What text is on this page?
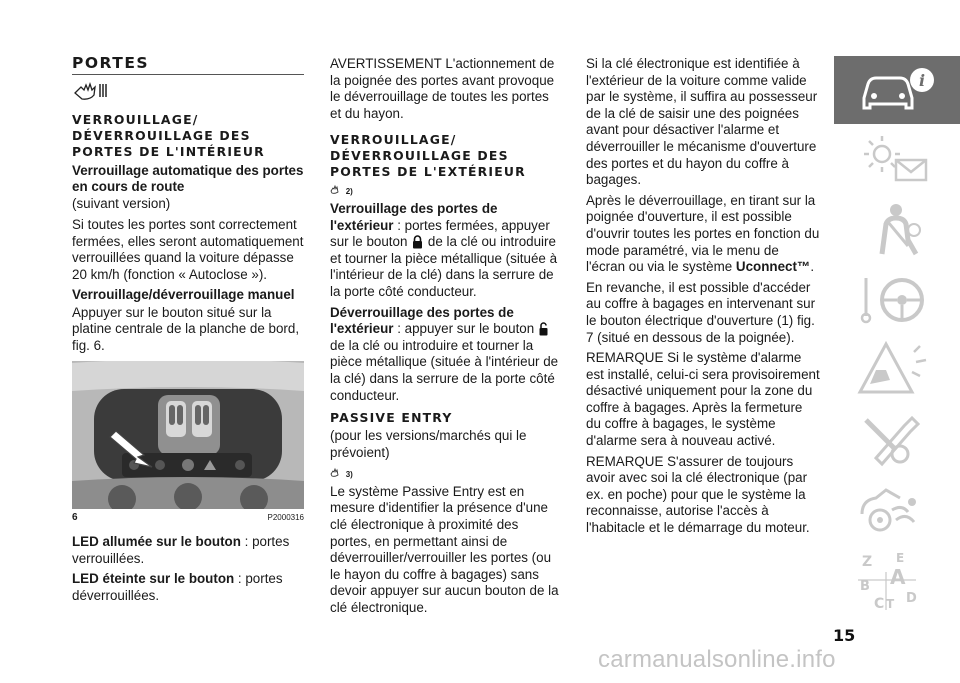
PORTES
VERROUILLAGE/ DÉVERROUILLAGE DES PORTES DE L'INTÉRIEUR
Verrouillage automatique des portes en cours de route

(suivant version)

Si toutes les portes sont correctement fermées, elles seront automatiquement verrouillées quand la voiture dépasse 20 km/h (fonction « Autoclose »).

Verrouillage/déverrouillage manuel

Appuyer sur le bouton situé sur la platine centrale de la planche de bord, fig. 6.

6	P2000316

LED allumée sur le bouton : portes verrouillées.

LED éteinte sur le bouton : portes déverrouillées.

AVERTISSEMENT L'actionnement de la poignée des portes avant provoque le déverrouillage de toutes les portes et du hayon.

VERROUILLAGE/ DÉVERROUILLAGE DES PORTES DE L'EXTÉRIEUR
2)

Verrouillage des portes de l'extérieur : portes fermées, appuyer sur le bouton de la clé ou introduire et tourner la pièce métallique (située à l'intérieur de la clé) dans la serrure de la porte côté conducteur.

Déverrouillage des portes de l'extérieur : appuyer sur le bouton  de la clé ou introduire et tourner la pièce métallique (située à l'intérieur de la clé) dans la serrure de la porte côté conducteur.

PASSIVE ENTRY

(pour les versions/marchés qui le prévoient)

3)

Le système Passive Entry est en mesure d'identifier la présence d'une clé électronique à proximité des portes, en permettant ainsi de déverrouiller/verrouiller les portes (ou le hayon du coffre à bagages) sans devoir appuyer sur aucun bouton de la clé électronique.

Si la clé électronique est identifiée à l'extérieur de la voiture comme valide par le système, il suffira au possesseur de la clé de saisir une des poignées avant pour désactiver l'alarme et déverrouiller le mécanisme d'ouverture des portes et du hayon du coffre à bagages.

Après le déverrouillage, en tirant sur la poignée d'ouverture, il est possible d'ouvrir toutes les portes en fonction du mode paramétré, via le menu de l'écran ou via le système Uconnect™.

En revanche, il est possible d'accéder au coffre à bagages en intervenant sur le bouton électrique d'ouverture (1) fig. 7 (situé en dessous de la poignée).

REMARQUE Si le système d'alarme est installé, celui-ci sera provisoirement désactivé uniquement pour la zone du coffre à bagages. Après la fermeture du coffre à bagages, le système d'alarme sera à nouveau activé.

REMARQUE S'assurer de toujours avoir avec soi la clé électronique (par ex. en poche) pour que le système la reconnaisse, autorise l'accès à l'habitacle et le démarrage du moteur.

i
Z E
B A
C T D
15
carmanualsonline.info
